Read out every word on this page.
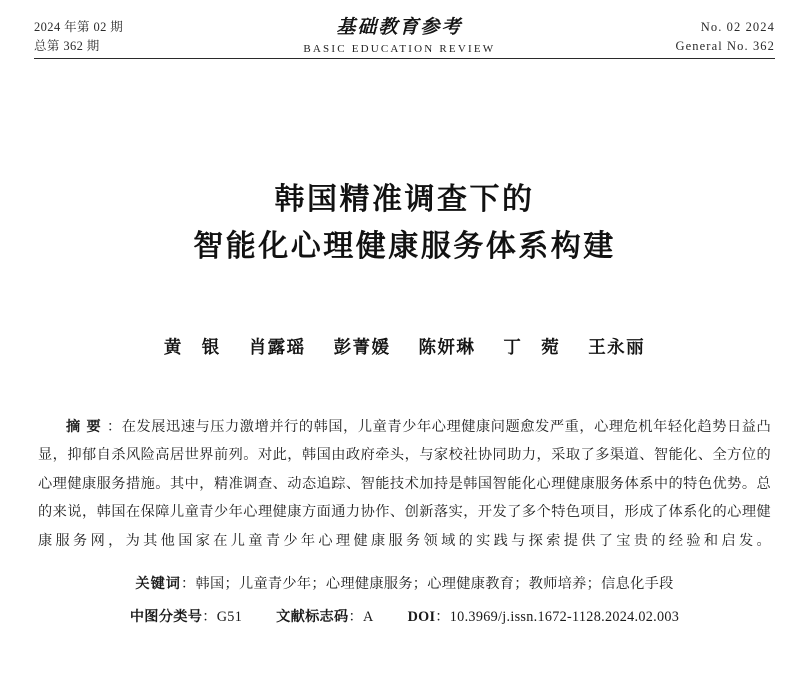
2024 年第 02 期
总第 362 期
基础教育参考
BASIC EDUCATION REVIEW
No. 02 2024
General No. 362
韩国精准调查下的
智能化心理健康服务体系构建
黄　银 肖露瑶 彭菁媛 陈妍琳 丁　菀 王永丽
摘要：在发展迅速与压力激增并行的韩国，儿童青少年心理健康问题愈发严重，心理危机年轻化趋势日益凸显，抑郁自杀风险高居世界前列。对此，韩国由政府牵头，与家校社协同助力，采取了多渠道、智能化、全方位的心理健康服务措施。其中，精准调查、动态追踪、智能技术加持是韩国智能化心理健康服务体系中的特色优势。总的来说，韩国在保障儿童青少年心理健康方面通力协作、创新落实，开发了多个特色项目，形成了体系化的心理健康服务网，为其他国家在儿童青少年心理健康服务领域的实践与探索提供了宝贵的经验和启发。
关键词：韩国；儿童青少年；心理健康服务；心理健康教育；教师培养；信息化手段
中图分类号：G51 文献标志码：A DOI：10.3969/j.issn.1672-1128.2024.02.003
